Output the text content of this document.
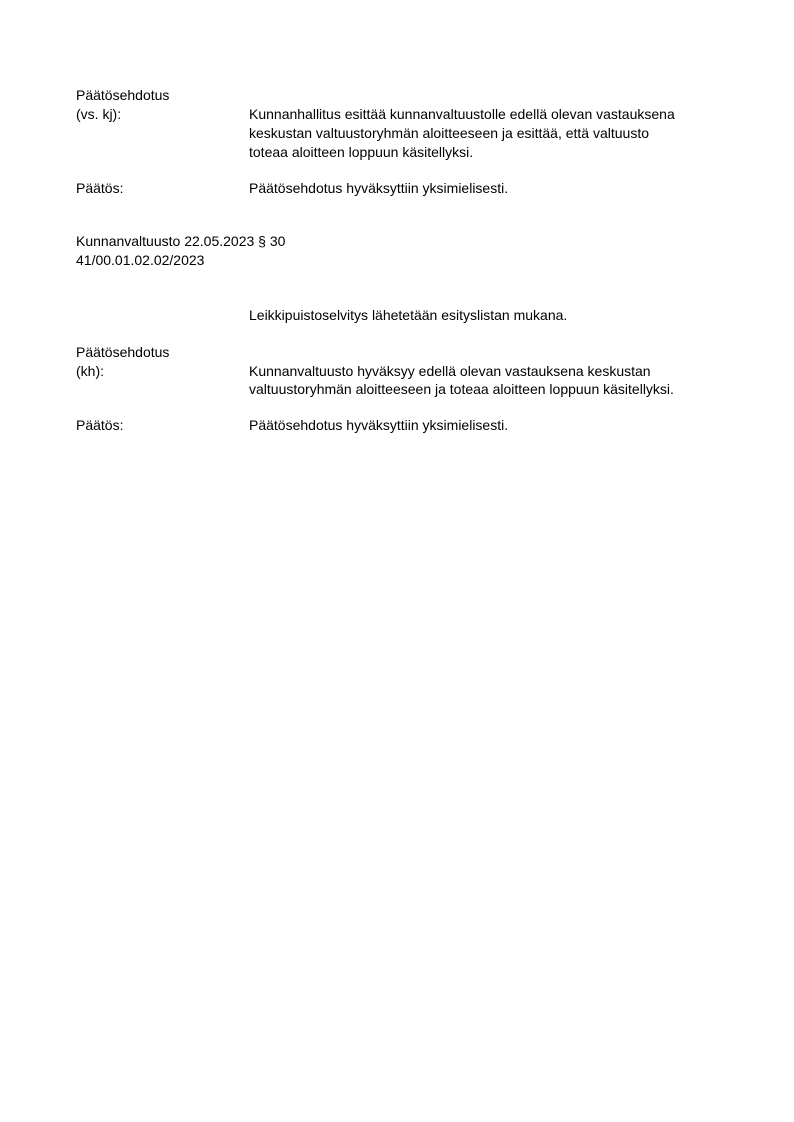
Päätösehdotus
(vs. kj):	Kunnanhallitus esittää kunnanvaltuustolle edellä olevan vastauksena
keskustan valtuustoryhmän aloitteeseen ja esittää, että valtuusto
toteaa aloitteen loppuun käsitellyksi.
Päätös:	Päätösehdotus hyväksyttiin yksimielisesti.
Kunnanvaltuusto 22.05.2023 § 30
41/00.01.02.02/2023
Leikkipuistoselvitys lähetetään esityslistan mukana.
Päätösehdotus
(kh):	Kunnanvaltuusto hyväksyy edellä olevan vastauksena keskustan
valtuustoryhmän aloitteeseen ja toteaa aloitteen loppuun käsitellyksi.
Päätös:	Päätösehdotus hyväksyttiin yksimielisesti.
